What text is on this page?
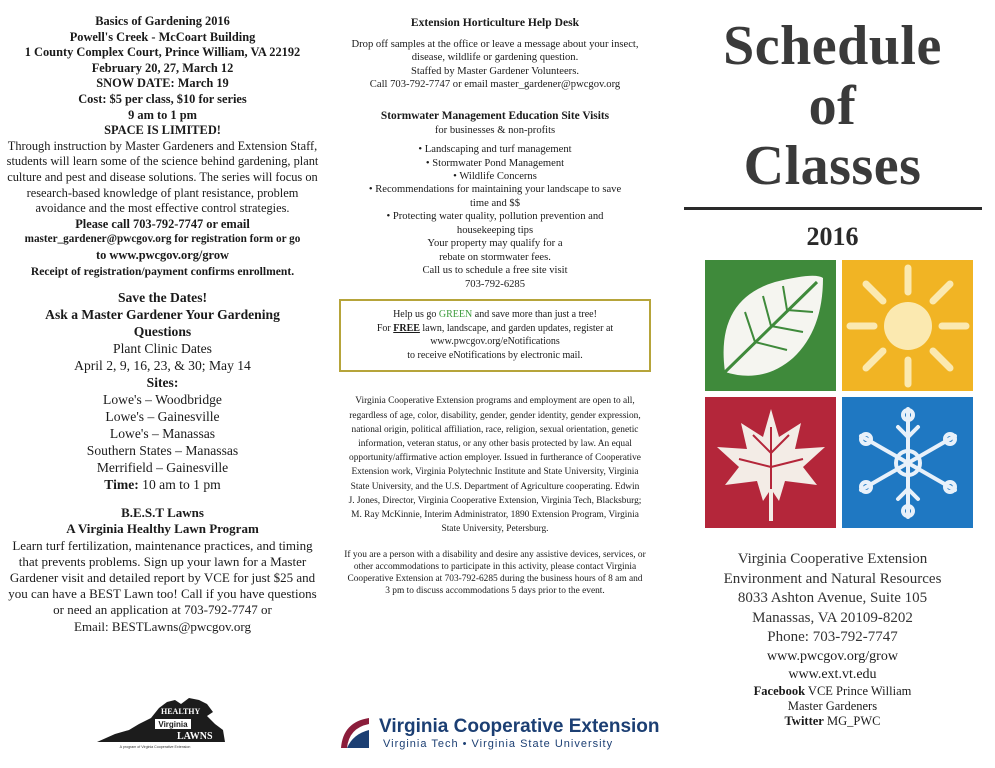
Basics of Gardening 2016
Powell's Creek - McCoart Building
1 County Complex Court, Prince William, VA 22192
February 20, 27, March 12
SNOW DATE: March 19
Cost: $5 per class, $10 for series
9 am to 1 pm
SPACE IS LIMITED!
Through instruction by Master Gardeners and Extension Staff, students will learn some of the science behind gardening, plant culture and pest and disease solutions. The series will focus on research-based knowledge of plant resistance, problem avoidance and the most effective control strategies.
Please call 703-792-7747 or email
master_gardener@pwcgov.org for registration form or go
to www.pwcgov.org/grow
Receipt of registration/payment confirms enrollment.
Save the Dates!
Ask a Master Gardener Your Gardening Questions
Plant Clinic Dates
April 2, 9, 16, 23, & 30; May 14
Sites:
Lowe's – Woodbridge
Lowe's – Gainesville
Lowe's – Manassas
Southern States – Manassas
Merrifield – Gainesville
Time: 10 am to 1 pm
B.E.S.T Lawns
A Virginia Healthy Lawn Program
Learn turf fertilization, maintenance practices, and timing that prevents problems. Sign up your lawn for a Master Gardener visit and detailed report by VCE for just $25 and you can have a BEST Lawn too! Call if you have questions or need an application at 703-792-7747 or
Email: BESTLawns@pwcgov.org
HEALTHY
Virginia
LAWNS
A program of Virginia Cooperative Extension
Extension Horticulture Help Desk
Drop off samples at the office or leave a message about your insect, disease, wildlife or gardening question.
Staffed by Master Gardener Volunteers.
Call 703-792-7747 or email master_gardener@pwcgov.org
Stormwater Management Education Site Visits
for businesses & non-profits
• Landscaping and turf management
• Stormwater Pond Management
• Wildlife Concerns
• Recommendations for maintaining your landscape to save time and $$
• Protecting water quality, pollution prevention and housekeeping tips
Your property may qualify for a rebate on stormwater fees.
Call us to schedule a free site visit
703-792-6285
Help us go GREEN and save more than just a tree!
For FREE lawn, landscape, and garden updates, register at
www.pwcgov.org/eNotifications
to receive eNotifications by electronic mail.
Virginia Cooperative Extension programs and employment are open to all, regardless of age, color, disability, gender, gender identity, gender expression, national origin, political affiliation, race, religion, sexual orientation, genetic information, veteran status, or any other basis protected by law. An equal opportunity/affirmative action employer. Issued in furtherance of Cooperative Extension work, Virginia Polytechnic Institute and State University, Virginia State University, and the U.S. Department of Agriculture cooperating. Edwin J. Jones, Director, Virginia Cooperative Extension, Virginia Tech, Blacksburg; M. Ray McKinnie, Interim Administrator, 1890 Extension Program, Virginia State University, Petersburg.
If you are a person with a disability and desire any assistive devices, services, or other accommodations to participate in this activity, please contact Virginia Cooperative Extension at 703-792-6285 during the business hours of 8 am and 3 pm to discuss accommodations 5 days prior to the event.
Virginia Cooperative Extension
Virginia Tech • Virginia State University
Schedule
of
Classes
2016
Virginia Cooperative Extension
Environment and Natural Resources
8033 Ashton Avenue, Suite 105
Manassas, VA 20109-8202
Phone: 703-792-7747
www.pwcgov.org/grow
www.ext.vt.edu
Facebook VCE Prince William
Master Gardeners
Twitter MG_PWC
